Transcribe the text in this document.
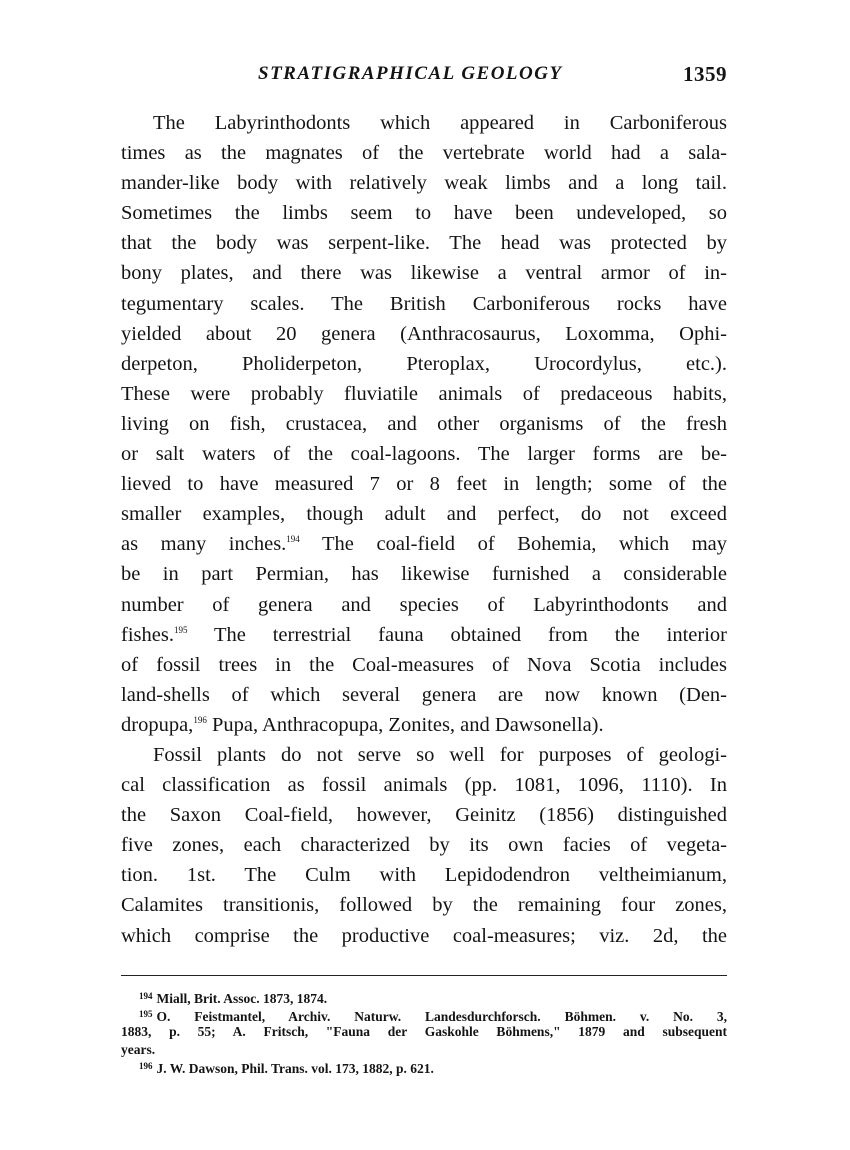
STRATIGRAPHICAL GEOLOGY	1359
The Labyrinthodonts which appeared in Carboniferous
times as the magnates of the vertebrate world had a sala-
mander-like body with relatively weak limbs and a long tail.
Sometimes the limbs seem to have been undeveloped, so
that the body was serpent-like. The head was protected by
bony plates, and there was likewise a ventral armor of in-
tegumentary scales. The British Carboniferous rocks have
yielded about 20 genera (Anthracosaurus, Loxomma, Ophi-
derpeton, Pholiderpeton, Pteroplax, Urocordylus, etc.).
These were probably fluviatile animals of predaceous habits,
living on fish, crustacea, and other organisms of the fresh
or salt waters of the coal-lagoons. The larger forms are be-
lieved to have measured 7 or 8 feet in length; some of the
smaller examples, though adult and perfect, do not exceed
as many inches.$^{194}$ The coal-field of Bohemia, which may
be in part Permian, has likewise furnished a considerable
number of genera and species of Labyrinthodonts and
fishes.$^{195}$ The terrestrial fauna obtained from the interior
of fossil trees in the Coal-measures of Nova Scotia includes
land-shells of which several genera are now known (Den-
dropupa,$^{196}$ Pupa, Anthracopupa, Zonites, and Dawsonella).
Fossil plants do not serve so well for purposes of geologi-
cal classification as fossil animals (pp. 1081, 1096, 1110). In
the Saxon Coal-field, however, Geinitz (1856) distinguished
five zones, each characterized by its own facies of vegeta-
tion. 1st. The Culm with Lepidodendron veltheimianum,
Calamites transitionis, followed by the remaining four zones,
which comprise the productive coal-measures; viz. 2d, the
$^{194}$ Miall, Brit. Assoc. 1873, 1874.
$^{195}$ O. Feistmantel, Archiv. Naturw. Landesdurchforsch. Böhmen. v. No. 3,
1883, p. 55; A. Fritsch, "Fauna der Gaskohle Böhmens," 1879 and subsequent
years.
$^{196}$ J. W. Dawson, Phil. Trans. vol. 173, 1882, p. 621.
